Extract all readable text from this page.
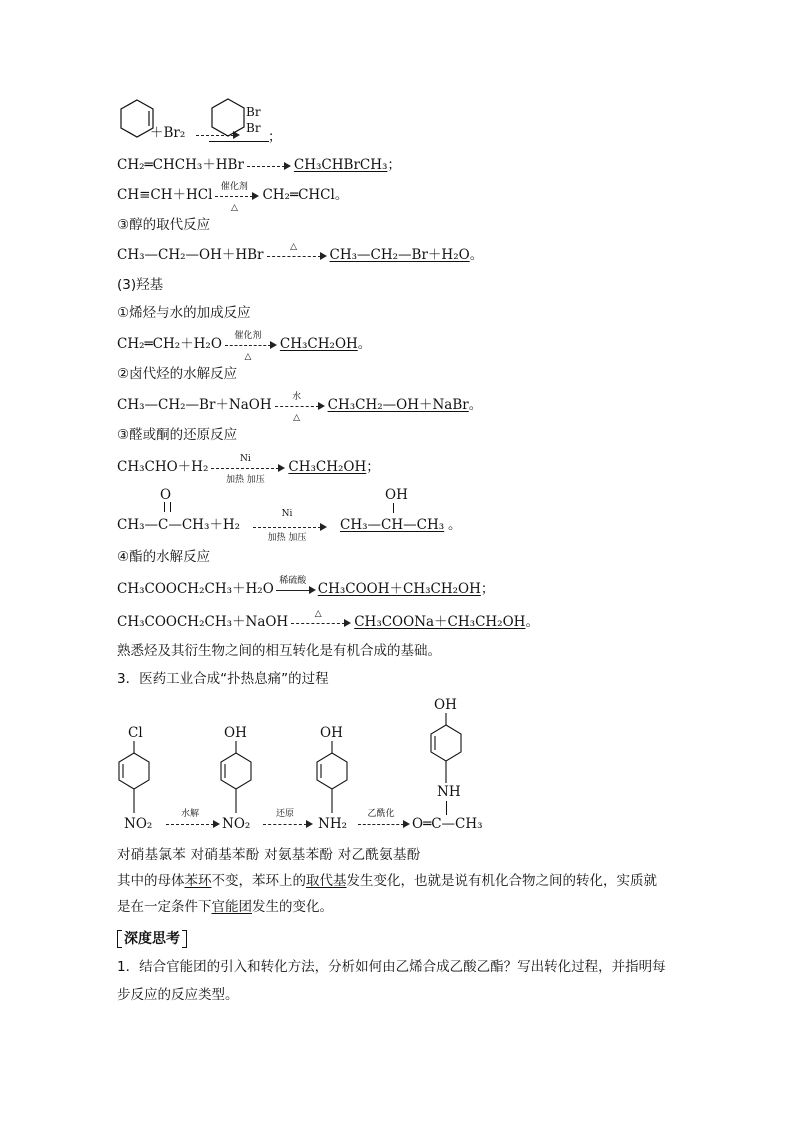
＋Br₂
Br
Br
；
CH₂═CHCH₃＋HBr	CH₃CHBrCH₃；
CH≡CH＋HCl
催化剂
△
CH₂═CHCl。
③醇的取代反应
CH₃—CH₂—OH＋HBr
△
CH₃—CH₂—Br＋H₂O。
(3)羟基
①烯烃与水的加成反应
CH₂═CH₂＋H₂O
催化剂
△
CH₃CH₂OH。
②卤代烃的水解反应
CH₃—CH₂—Br＋NaOH
水
△
CH₃CH₂—OH＋NaBr。
③醛或酮的还原反应
CH₃CHO＋H₂
Ni
加热 加压
CH₃CH₂OH；
O
CH₃—C—CH₃＋H₂
Ni
加热 加压
OH
CH₃—CH—CH₃ 。
④酯的水解反应
CH₃COOCH₂CH₃＋H₂O
稀硫酸
CH₃COOH＋CH₃CH₂OH；
CH₃COOCH₂CH₃＋NaOH
△
CH₃COONa＋CH₃CH₂OH。
熟悉烃及其衍生物之间的相互转化是有机合成的基础。
3．医药工业合成“扑热息痛”的过程
Cl
NO₂
水解
OH
NO₂
还原
OH
NH₂
乙酰化
OH
NH
O═C—CH₃
对硝基氯苯 对硝基苯酚 对氨基苯酚 对乙酰氨基酚
其中的母体苯环不变，苯环上的取代基发生变化，也就是说有机化合物之间的转化，实质就
是在一定条件下官能团发生的变化。
深度思考
1．结合官能团的引入和转化方法，分析如何由乙烯合成乙酸乙酯？写出转化过程，并指明每
步反应的反应类型。
